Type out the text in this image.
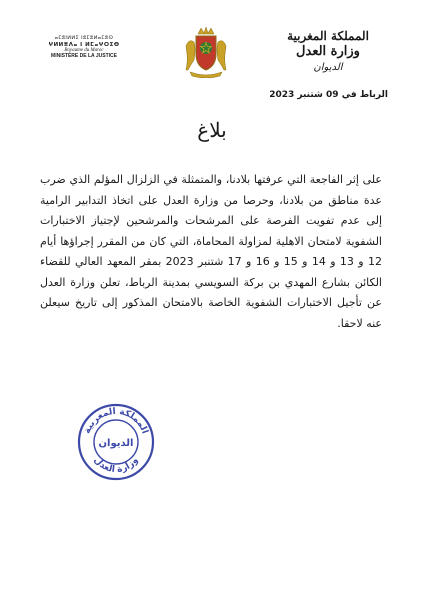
ⴰⵎⵓⵏⵍⵍⵉ ⵏⵓⵎⵓⵍⴰⵎⵓⵙ
ⵖⵍⵍⴻⴷⴰ ⵏ ⵍⵎⴰⵖⵔⵉⴱ
Royaume du Maroc
MINISTÈRE DE LA JUSTICE
المملكة المغربية
وزارة العدل
الديوان
الرباط في 09 شتنبر 2023
بلاغ
على إثر الفاجعة التي عرفتها بلادنا، والمتمثلة في الزلزال المؤلم الذي ضرب عدة مناطق من بلادنا، وحرصا من وزارة العدل على اتخاذ التدابير الرامية إلى عدم تفويت الفرصة على المرشحات والمرشحين لإجتياز الاختبارات الشفوية لامتحان الاهلية لمزاولة المحاماة، التي كان من المقرر إجراؤها أيام 12 و 13 و 14 و 15 و 16 و 17 شتنبر 2023 بمقر المعهد العالي للقضاء الكائن بشارع المهدي بن بركة السويسي بمدينة الرباط، تعلن وزارة العدل عن تأجيل الاختبارات الشفوية الخاصة بالامتحان المذكور إلى تاريخ سيعلن عنه لاحقا.
المملكة المغربية
وزارة العدل
الديوان
